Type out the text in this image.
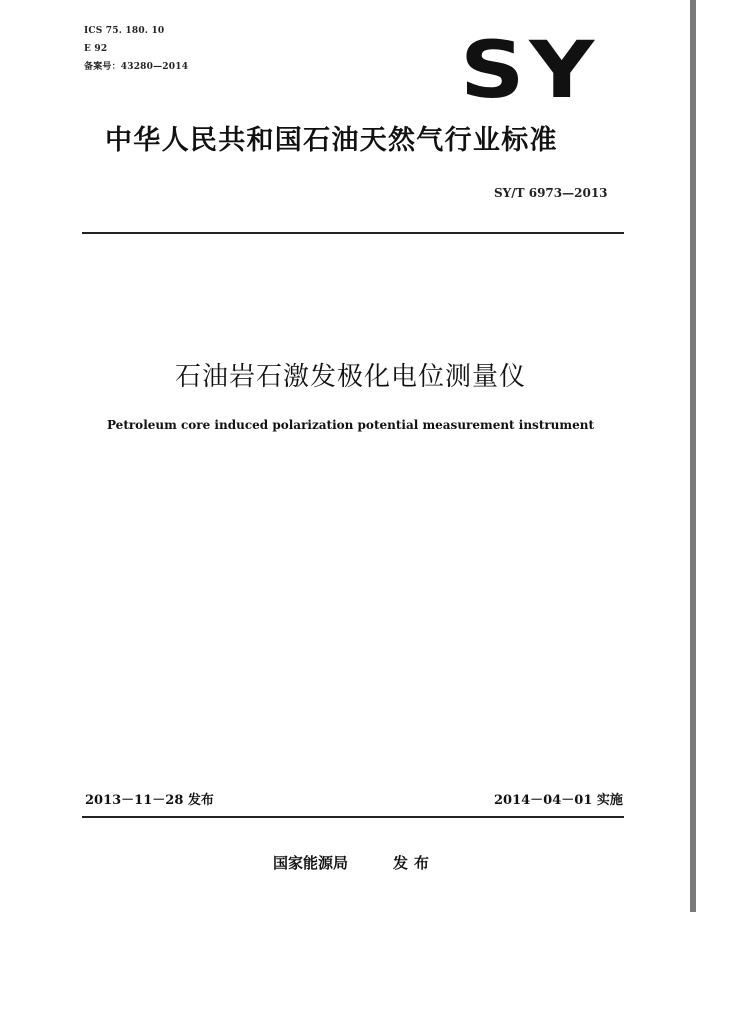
ICS 75. 180. 10
E 92
备案号：43280—2014	SY
中华人民共和国石油天然气行业标准
SY/T 6973—2013
石油岩石激发极化电位测量仪
Petroleum core induced polarization potential measurement instrument
2013－11－28 发布	2014－04－01 实施
国家能源局	发布
